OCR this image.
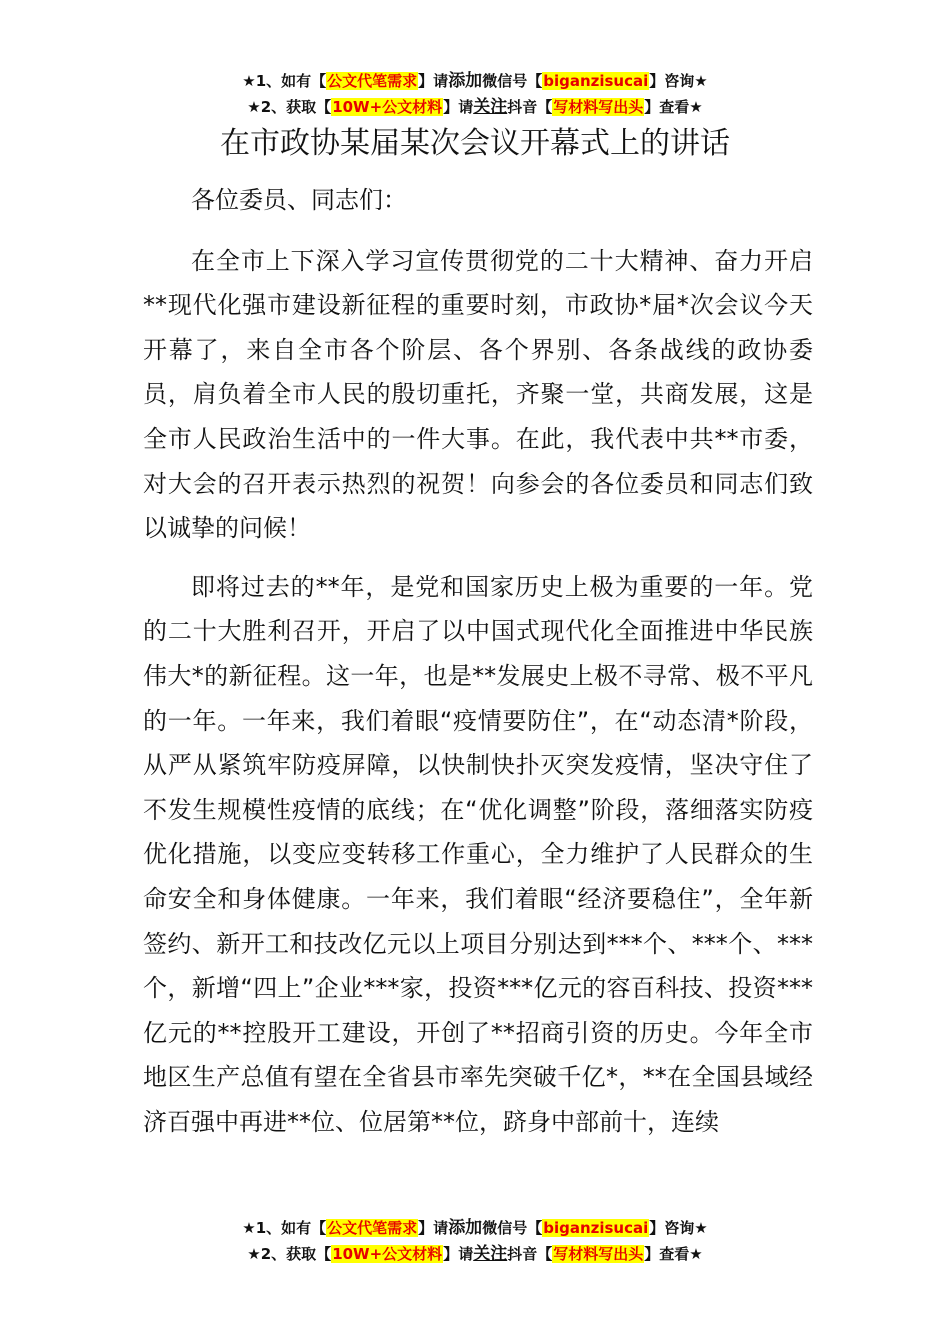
★1、如有【公文代笔需求】请添加微信号【biganzisucai】咨询★
★2、获取【10W+公文材料】请关注抖音【写材料写出头】查看★
在市政协某届某次会议开幕式上的讲话

各位委员、同志们：

在全市上下深入学习宣传贯彻党的二十大精神、奋力开启**现代化强市建设新征程的重要时刻，市政协*届*次会议今天开幕了，来自全市各个阶层、各个界别、各条战线的政协委员，肩负着全市人民的殷切重托，齐聚一堂，共商发展，这是全市人民政治生活中的一件大事。在此，我代表中共**市委，对大会的召开表示热烈的祝贺！向参会的各位委员和同志们致以诚挚的问候！

即将过去的**年，是党和国家历史上极为重要的一年。党的二十大胜利召开，开启了以中国式现代化全面推进中华民族伟大*的新征程。这一年，也是**发展史上极不寻常、极不平凡的一年。一年来，我们着眼“疫情要防住”，在“动态清*阶段，从严从紧筑牢防疫屏障，以快制快扑灭突发疫情，坚决守住了不发生规模性疫情的底线；在“优化调整”阶段，落细落实防疫优化措施，以变应变转移工作重心，全力维护了人民群众的生命安全和身体健康。一年来，我们着眼“经济要稳住”，全年新签约、新开工和技改亿元以上项目分别达到***个、***个、***个，新增“四上”企业***家，投资***亿元的容百科技、投资***亿元的**控股开工建设，开创了**招商引资的历史。今年全市地区生产总值有望在全省县市率先突破千亿*，**在全国县域经济百强中再进**位、位居第**位，跻身中部前十，连续

★1、如有【公文代笔需求】请添加微信号【biganzisucai】咨询★
★2、获取【10W+公文材料】请关注抖音【写材料写出头】查看★
